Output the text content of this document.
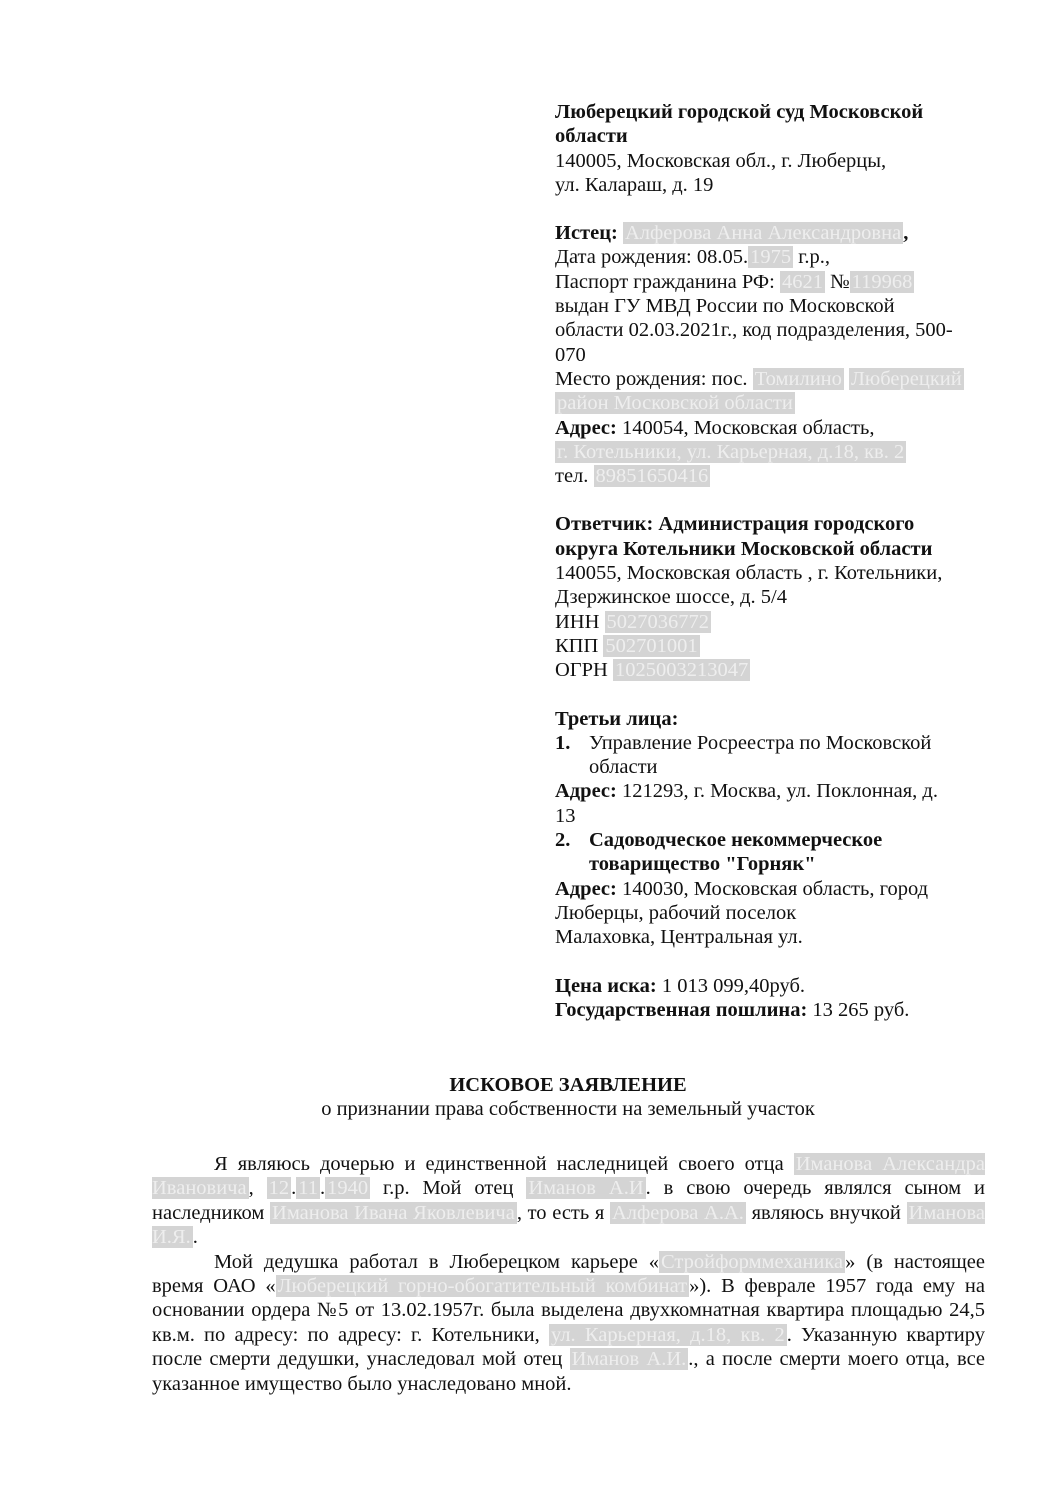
Люберецкий городской суд Московской
области
140005, Московская обл., г. Люберцы,
ул. Калараш, д. 19
Истец: Алферова Анна Александровна,
Дата рождения: 08.05.1975 г.р.,
Паспорт гражданина РФ: 4621 №119968
выдан ГУ МВД России по Московской
области 02.03.2021г., код подразделения, 500-
070
Место рождения: пос. Томилино Люберецкий
район Московской области
Адрес: 140054, Московская область,
г. Котельники, ул. Карьерная, д.18, кв. 2
тел. 89851650416
Ответчик: Администрация городского
округа Котельники Московской области
140055, Московская область , г. Котельники,
Дзержинское шоссе, д. 5/4
ИНН 5027036772
КПП 502701001
ОГРН 1025003213047
Третьи лица:
1. Управление Росреестра по Московской
области
Адрес: 121293, г. Москва, ул. Поклонная, д.
13
2. Садоводческое некоммерческое
товарищество "Горняк"
Адрес: 140030, Московская область, город
Люберцы, рабочий поселок
Малаховка, Центральная ул.
Цена иска: 1 013 099,40руб.
Государственная пошлина: 13 265 руб.
ИСКОВОЕ ЗАЯВЛЕНИЕ
о признании права собственности на земельный участок

Я являюсь дочерью и единственной наследницей своего отца Иманова Александра Ивановича, 12.11.1940 г.р. Мой отец Иманов А.И. в свою очередь являлся сыном и наследником Иманова Ивана Яковлевича, то есть я Алферова А.А. являюсь внучкой Иманова И.Я..

Мой дедушка работал в Люберецком карьере «Стройформмеханика» (в настоящее время ОАО «Люберецкий горно-обогатительный комбинат»). В феврале 1957 года ему на основании ордера №5 от 13.02.1957г. была выделена двухкомнатная квартира площадью 24,5 кв.м. по адресу: по адресу: г. Котельники, ул. Карьерная, д.18, кв. 2. Указанную квартиру после смерти дедушки, унаследовал мой отец Иманов А.И.., а после смерти моего отца, все указанное имущество было унаследовано мной.
